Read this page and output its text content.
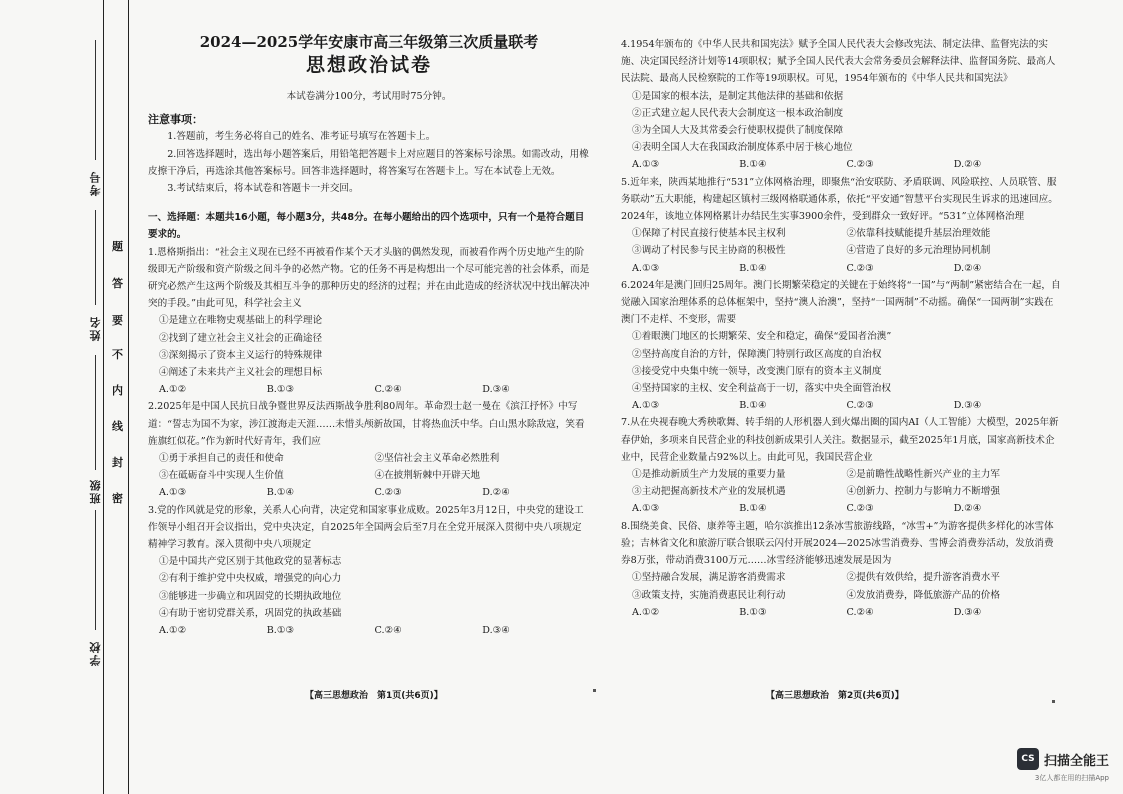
考号
姓名
班级
学校
题
答
要
不
内
线
封
密
2024—2025学年安康市高三年级第三次质量联考
思想政治试卷
本试卷满分100分，考试用时75分钟。
注意事项：
1.答题前，考生务必将自己的姓名、准考证号填写在答题卡上。
2.回答选择题时，选出每小题答案后，用铅笔把答题卡上对应题目的答案标号涂黑。如需改动，用橡皮擦干净后，再选涂其他答案标号。回答非选择题时，将答案写在答题卡上。写在本试卷上无效。
3.考试结束后，将本试卷和答题卡一并交回。
一、选择题：本题共16小题，每小题3分，共48分。在每小题给出的四个选项中，只有一个是符合题目要求的。
1.恩格斯指出：“社会主义现在已经不再被看作某个天才头脑的偶然发现，而被看作两个历史地产生的阶级即无产阶级和资产阶级之间斗争的必然产物。它的任务不再是构想出一个尽可能完善的社会体系，而是研究必然产生这两个阶级及其相互斗争的那种历史的经济的过程；并在由此造成的经济状况中找出解决冲突的手段。”由此可见，科学社会主义
①是建立在唯物史观基础上的科学理论
②找到了建立社会主义社会的正确途径
③深刻揭示了资本主义运行的特殊规律
④阐述了未来共产主义社会的理想目标
A.①②	B.①③	C.②④	D.③④
2.2025年是中国人民抗日战争暨世界反法西斯战争胜利80周年。革命烈士赵一曼在《滨江抒怀》中写道：“誓志为国不为家，涉江渡海走天涯……未惜头颅新故国，甘将热血沃中华。白山黑水除敌寇，笑看旌旗红似花。”作为新时代好青年，我们应
①勇于承担自己的责任和使命	②坚信社会主义革命必然胜利
③在砥砺奋斗中实现人生价值	④在披荆斩棘中开辟天地
A.①③	B.①④	C.②③	D.②④
3.党的作风就是党的形象，关系人心向背，决定党和国家事业成败。2025年3月12日，中央党的建设工作领导小组召开会议指出，党中央决定，自2025年全国两会后至7月在全党开展深入贯彻中央八项规定精神学习教育。深入贯彻中央八项规定
①是中国共产党区别于其他政党的显著标志
②有利于维护党中央权威，增强党的向心力
③能够进一步确立和巩固党的长期执政地位
④有助于密切党群关系，巩固党的执政基础
A.①②	B.①③	C.②④	D.③④
4.1954年颁布的《中华人民共和国宪法》赋予全国人民代表大会修改宪法、制定法律、监督宪法的实施、决定国民经济计划等14项职权；赋予全国人民代表大会常务委员会解释法律、监督国务院、最高人民法院、最高人民检察院的工作等19项职权。可见，1954年颁布的《中华人民共和国宪法》
①是国家的根本法，是制定其他法律的基础和依据
②正式建立起人民代表大会制度这一根本政治制度
③为全国人大及其常委会行使职权提供了制度保障
④表明全国人大在我国政治制度体系中居于核心地位
A.①③	B.①④	C.②③	D.②④
5.近年来，陕西某地推行“531”立体网格治理，即聚焦“治安联防、矛盾联调、风险联控、人员联管、服务联动”五大职能，构建起区镇村三级网格联通体系，依托“平安通”智慧平台实现民生诉求的迅速回应。2024年，该地立体网格累计办结民生实事3900余件，受到群众一致好评。“531”立体网格治理
①保障了村民直接行使基本民主权利	②依靠科技赋能提升基层治理效能
③调动了村民参与民主协商的积极性	④营造了良好的多元治理协同机制
A.①③	B.①④	C.②③	D.②④
6.2024年是澳门回归25周年。澳门长期繁荣稳定的关键在于始终将“一国”与“两制”紧密结合在一起，自觉融入国家治理体系的总体框架中，坚持“澳人治澳”，坚持“一国两制”不动摇。确保“一国两制”实践在澳门不走样、不变形，需要
①着眼澳门地区的长期繁荣、安全和稳定，确保“爱国者治澳”
②坚持高度自治的方针，保障澳门特别行政区高度的自治权
③接受党中央集中统一领导，改变澳门原有的资本主义制度
④坚持国家的主权、安全利益高于一切，落实中央全面管治权
A.①③	B.①④	C.②③	D.③④
7.从在央视春晚大秀秧歌舞、转手绢的人形机器人到火爆出圈的国内AI（人工智能）大模型，2025年新春伊始，多项来自民营企业的科技创新成果引人关注。数据显示，截至2025年1月底，国家高新技术企业中，民营企业数量占92%以上。由此可见，我国民营企业
①是推动新质生产力发展的重要力量	②是前瞻性战略性新兴产业的主力军
③主动把握高新技术产业的发展机遇	④创新力、控制力与影响力不断增强
A.①③	B.①④	C.②③	D.②④
8.围绕美食、民俗、康养等主题，哈尔滨推出12条冰雪旅游线路，“冰雪+”为游客提供多样化的冰雪体验；吉林省文化和旅游厅联合银联云闪付开展2024—2025冰雪消费券、雪博会消费券活动，发放消费券8万张，带动消费3100万元……冰雪经济能够迅速发展是因为
①坚持融合发展，满足游客消费需求	②提供有效供给，提升游客消费水平
③政策支持，实施消费惠民让利行动	④发放消费券，降低旅游产品的价格
A.①②	B.①③	C.②④	D.③④
【高三思想政治　第1页(共6页)】	【高三思想政治　第2页(共6页)】
CS 扫描全能王
3亿人都在用的扫描App
